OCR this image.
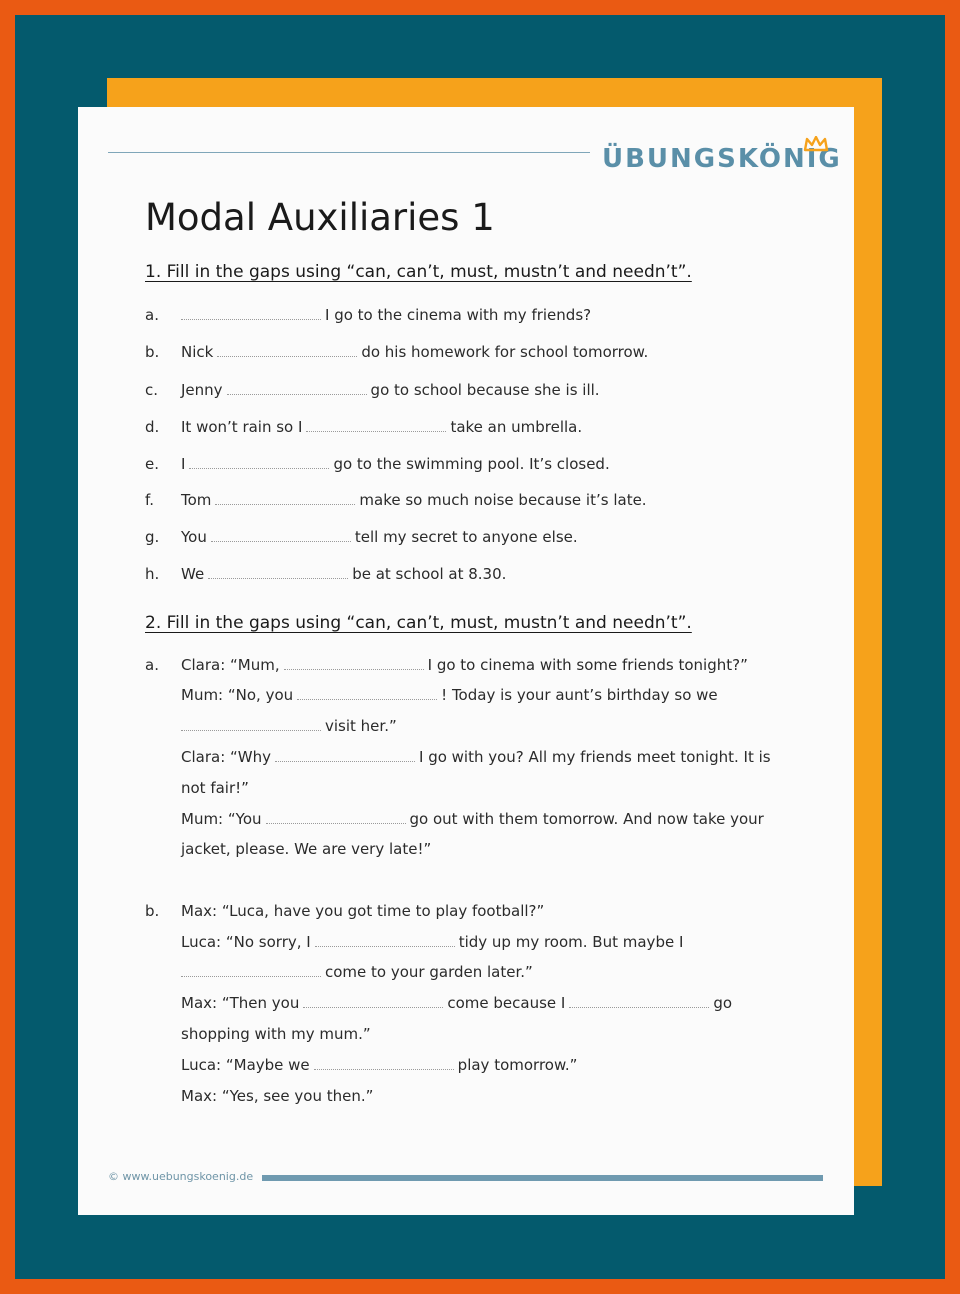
ÜBUNGSKÖNIG
Modal Auxiliaries 1
1. Fill in the gaps using “can, can’t, must, mustn’t and needn’t”.
a.	I go to the cinema with my friends?
b.	Nick	do his homework for school tomorrow.
c.	Jenny	go to school because she is ill.
d.	It won’t rain so I	take an umbrella.
e.	I	go to the swimming pool. It’s closed.
f.	Tom	make so much noise because it’s late.
g.	You	tell my secret to anyone else.
h.	We	be at school at 8.30.
2. Fill in the gaps using “can, can’t, must, mustn’t and needn’t”.
a. Clara: “Mum,	I go to cinema with some friends tonight?”
Mum: “No, you	! Today is your aunt’s birthday so we
visit her.”
Clara: “Why	I go with you? All my friends meet tonight. It is
not fair!”
Mum: “You	go out with them tomorrow. And now take your
jacket, please. We are very late!”
b. Max: “Luca, have you got time to play football?”
Luca: “No sorry, I	tidy up my room. But maybe I
come to your garden later.”
Max: “Then you	come because I	go
shopping with my mum.”
Luca: “Maybe we	play tomorrow.”
Max: “Yes, see you then.”
© www.uebungskoenig.de
